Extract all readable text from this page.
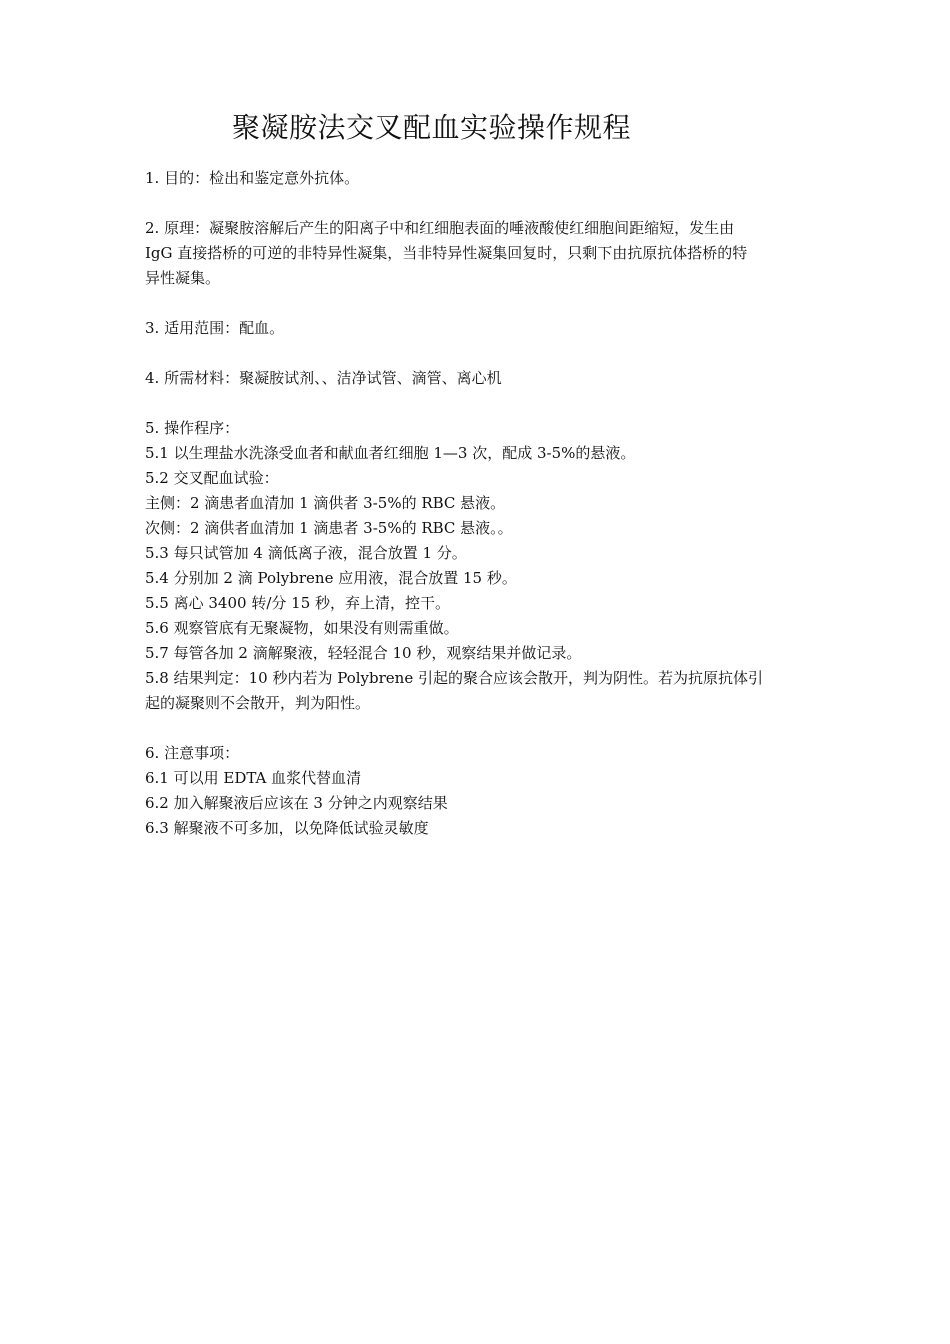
聚凝胺法交叉配血实验操作规程
1. 目的：检出和鉴定意外抗体。
2. 原理：凝聚胺溶解后产生的阳离子中和红细胞表面的唾液酸使红细胞间距缩短，发生由
IgG 直接搭桥的可逆的非特异性凝集，当非特异性凝集回复时，只剩下由抗原抗体搭桥的特
异性凝集。
3. 适用范围：配血。
4. 所需材料：聚凝胺试剂、、洁净试管、滴管、离心机
5. 操作程序：
5.1 以生理盐水洗涤受血者和献血者红细胞 1—3 次，配成 3-5%的悬液。
5.2 交叉配血试验：
主侧：2 滴患者血清加 1 滴供者 3-5%的 RBC 悬液。
次侧：2 滴供者血清加 1 滴患者 3-5%的 RBC 悬液。。
5.3 每只试管加 4 滴低离子液，混合放置 1 分。
5.4 分别加 2 滴 Polybrene 应用液，混合放置 15 秒。
5.5 离心 3400 转/分 15 秒，弃上清，控干。
5.6 观察管底有无聚凝物，如果没有则需重做。
5.7 每管各加 2 滴解聚液，轻轻混合 10 秒，观察结果并做记录。
5.8 结果判定：10 秒内若为 Polybrene 引起的聚合应该会散开，判为阴性。若为抗原抗体引
起的凝聚则不会散开，判为阳性。
6. 注意事项：
6.1 可以用 EDTA 血浆代替血清
6.2 加入解聚液后应该在 3 分钟之内观察结果
6.3 解聚液不可多加，以免降低试验灵敏度
